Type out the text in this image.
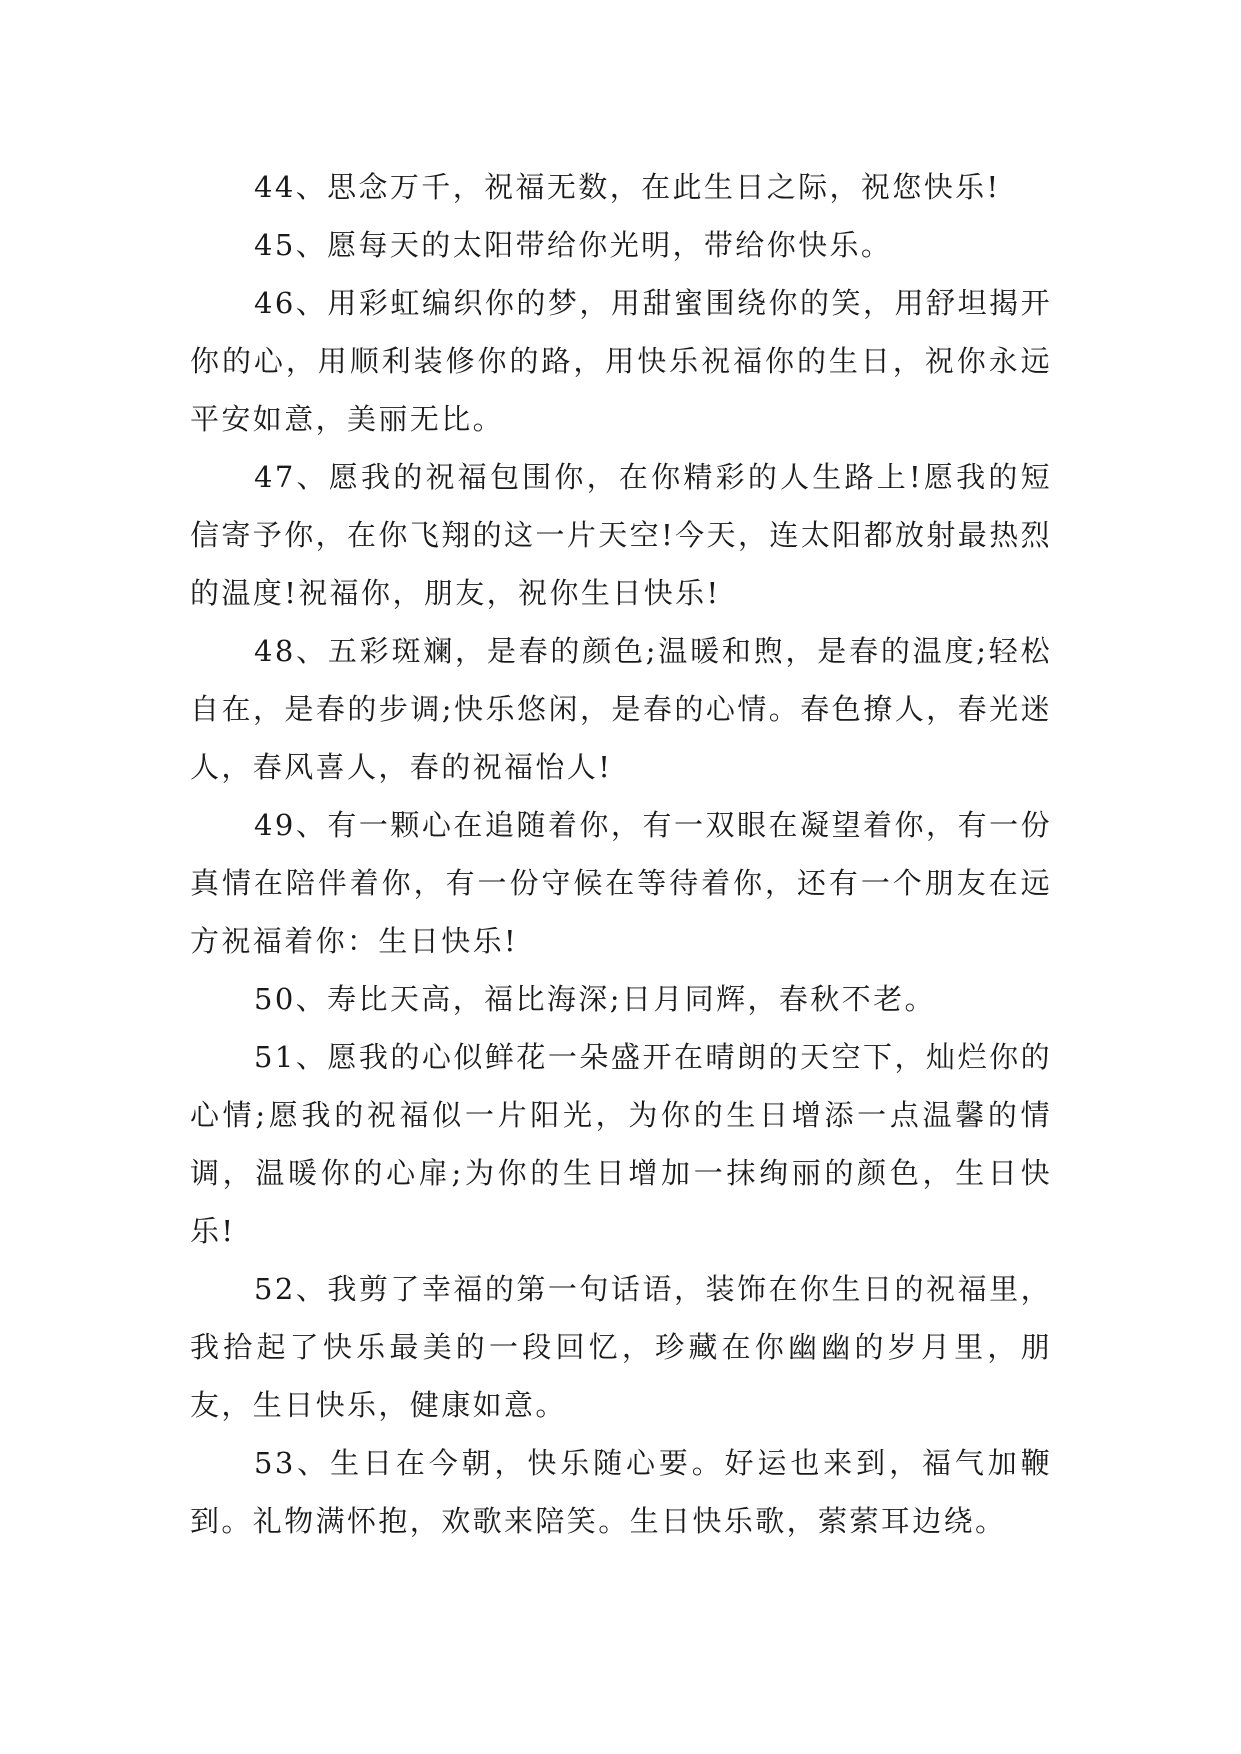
44、思念万千，祝福无数，在此生日之际，祝您快乐!

45、愿每天的太阳带给你光明，带给你快乐。

46、用彩虹编织你的梦，用甜蜜围绕你的笑，用舒坦揭开你的心，用顺利装修你的路，用快乐祝福你的生日，祝你永远平安如意，美丽无比。

47、愿我的祝福包围你，在你精彩的人生路上!愿我的短信寄予你，在你飞翔的这一片天空!今天，连太阳都放射最热烈的温度!祝福你，朋友，祝你生日快乐!

48、五彩斑斓，是春的颜色;温暖和煦，是春的温度;轻松自在，是春的步调;快乐悠闲，是春的心情。春色撩人，春光迷人，春风喜人，春的祝福怡人!

49、有一颗心在追随着你，有一双眼在凝望着你，有一份真情在陪伴着你，有一份守候在等待着你，还有一个朋友在远方祝福着你：生日快乐!

50、寿比天高，福比海深;日月同辉，春秋不老。

51、愿我的心似鲜花一朵盛开在晴朗的天空下，灿烂你的心情;愿我的祝福似一片阳光，为你的生日增添一点温馨的情调，温暖你的心扉;为你的生日增加一抹绚丽的颜色，生日快乐!

52、我剪了幸福的第一句话语，装饰在你生日的祝福里，我拾起了快乐最美的一段回忆，珍藏在你幽幽的岁月里，朋友，生日快乐，健康如意。

53、生日在今朝，快乐随心要。好运也来到，福气加鞭到。礼物满怀抱，欢歌来陪笑。生日快乐歌，萦萦耳边绕。
